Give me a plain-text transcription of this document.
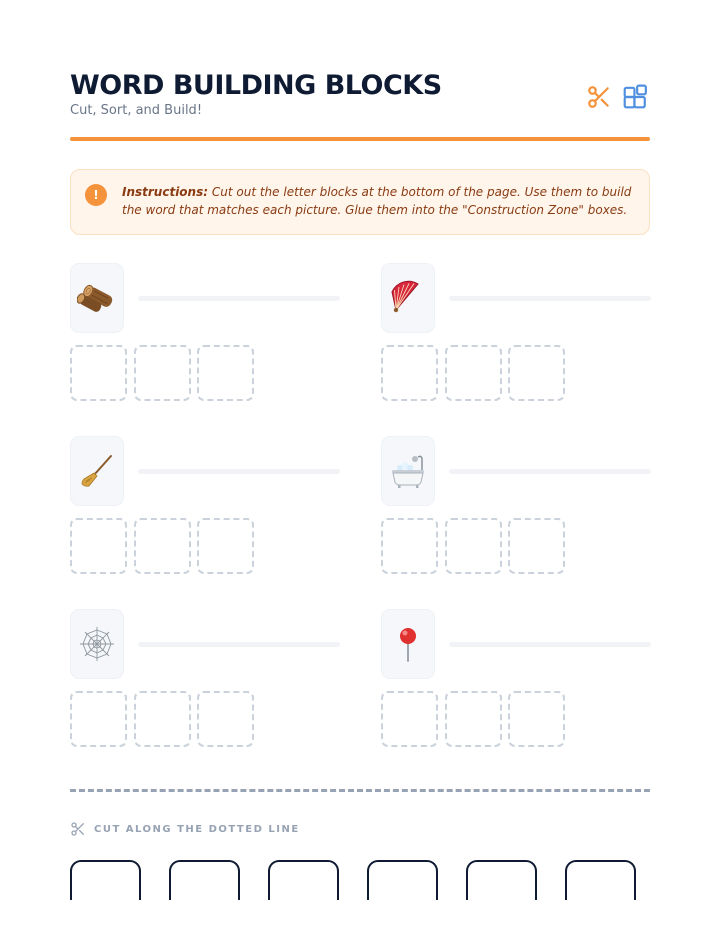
WORD BUILDING BLOCKS
Cut, Sort, and Build!
!	Instructions: Cut out the letter blocks at the bottom of the page. Use them to build the word that matches each picture. Glue them into the "Construction Zone" boxes.

CUT ALONG THE DOTTED LINE
